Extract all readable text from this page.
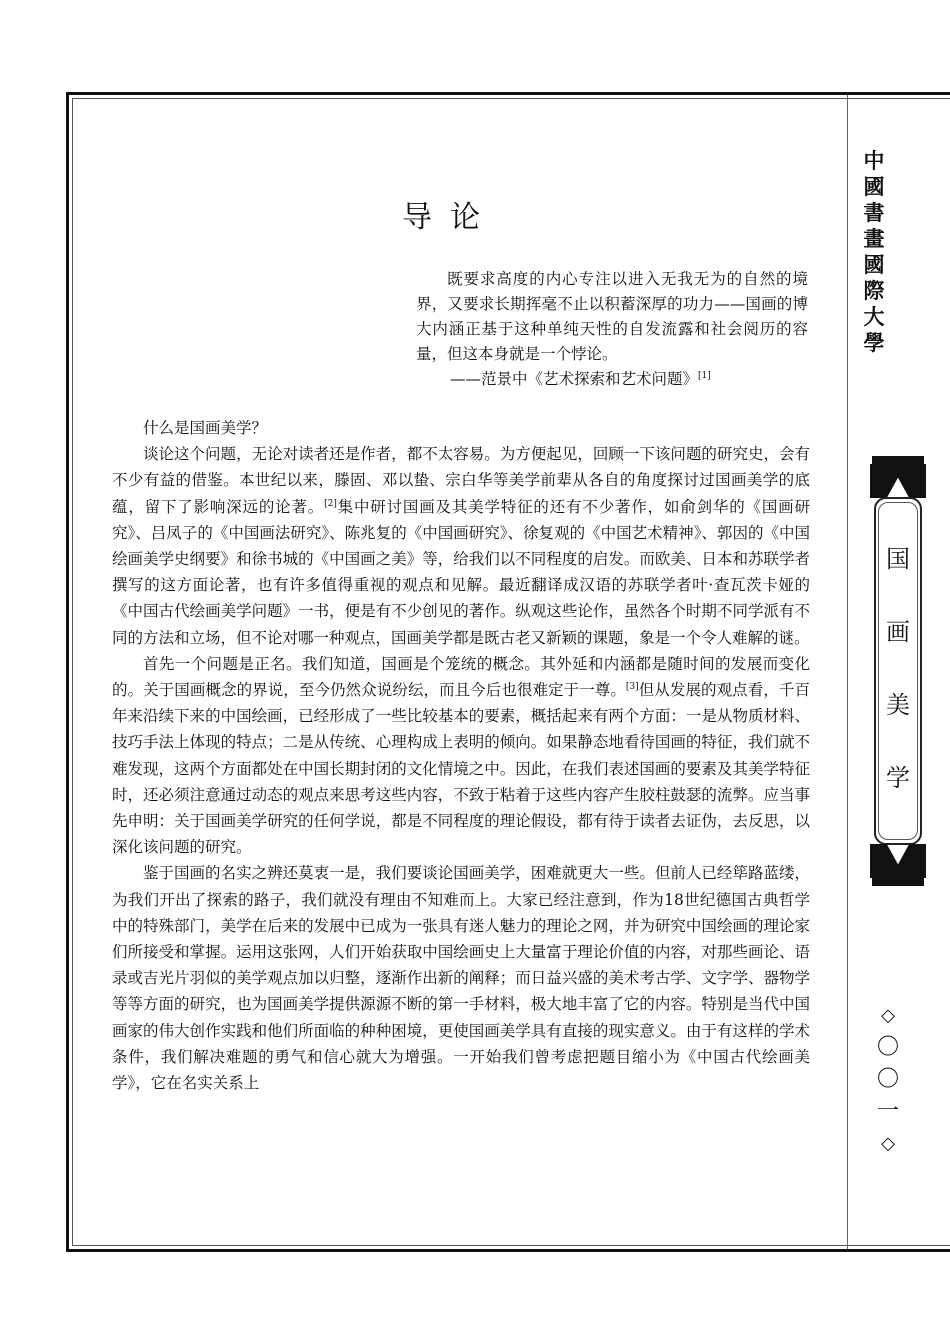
中
國
書
畫
國
際
大
學
国
画
美
学
◇
〇
〇
一
◇
导论

既要求高度的内心专注以进入无我无为的自然的境界，又要求长期挥毫不止以积蓄深厚的功力——国画的博大内涵正基于这种单纯天性的自发流露和社会阅历的容量，但这本身就是一个悖论。

——范景中《艺术探索和艺术问题》[1]

什么是国画美学？

谈论这个问题，无论对读者还是作者，都不太容易。为方便起见，回顾一下该问题的研究史，会有不少有益的借鉴。本世纪以来，滕固、邓以蛰、宗白华等美学前辈从各自的角度探讨过国画美学的底蕴，留下了影响深远的论著。[2]集中研讨国画及其美学特征的还有不少著作，如俞剑华的《国画研究》、吕凤子的《中国画法研究》、陈兆复的《中国画研究》、徐复观的《中国艺术精神》、郭因的《中国绘画美学史纲要》和徐书城的《中国画之美》等，给我们以不同程度的启发。而欧美、日本和苏联学者撰写的这方面论著，也有许多值得重视的观点和见解。最近翻译成汉语的苏联学者叶·查瓦茨卡娅的《中国古代绘画美学问题》一书，便是有不少创见的著作。纵观这些论作，虽然各个时期不同学派有不同的方法和立场，但不论对哪一种观点，国画美学都是既古老又新颖的课题，象是一个令人难解的谜。

首先一个问题是正名。我们知道，国画是个笼统的概念。其外延和内涵都是随时间的发展而变化的。关于国画概念的界说，至今仍然众说纷纭，而且今后也很难定于一尊。[3]但从发展的观点看，千百年来沿续下来的中国绘画，已经形成了一些比较基本的要素，概括起来有两个方面：一是从物质材料、技巧手法上体现的特点；二是从传统、心理构成上表明的倾向。如果静态地看待国画的特征，我们就不难发现，这两个方面都处在中国长期封闭的文化情境之中。因此，在我们表述国画的要素及其美学特征时，还必须注意通过动态的观点来思考这些内容，不致于粘着于这些内容产生胶柱鼓瑟的流弊。应当事先申明：关于国画美学研究的任何学说，都是不同程度的理论假设，都有待于读者去证伪，去反思，以深化该问题的研究。

鉴于国画的名实之辨还莫衷一是，我们要谈论国画美学，困难就更大一些。但前人已经筚路蓝缕，为我们开出了探索的路子，我们就没有理由不知难而上。大家已经注意到，作为18世纪德国古典哲学中的特殊部门，美学在后来的发展中已成为一张具有迷人魅力的理论之网，并为研究中国绘画的理论家们所接受和掌握。运用这张网，人们开始获取中国绘画史上大量富于理论价值的内容，对那些画论、语录或吉光片羽似的美学观点加以归整，逐渐作出新的阐释；而日益兴盛的美术考古学、文字学、器物学等等方面的研究，也为国画美学提供源源不断的第一手材料，极大地丰富了它的内容。特别是当代中国画家的伟大创作实践和他们所面临的种种困境，更使国画美学具有直接的现实意义。由于有这样的学术条件，我们解决难题的勇气和信心就大为增强。一开始我们曾考虑把题目缩小为《中国古代绘画美学》，它在名实关系上
